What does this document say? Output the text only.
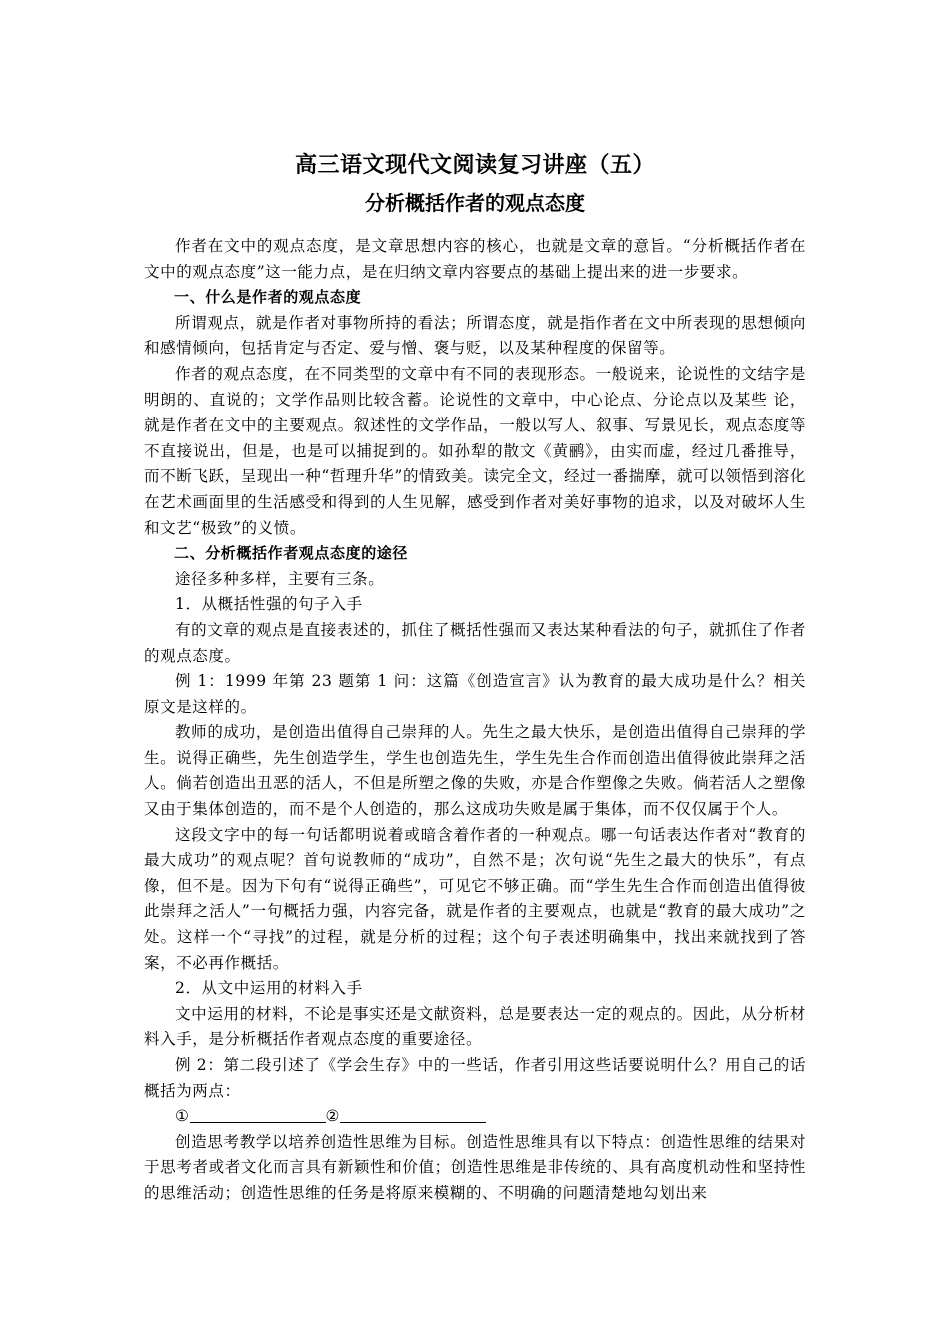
高三语文现代文阅读复习讲座（五）
分析概括作者的观点态度

作者在文中的观点态度，是文章思想内容的核心，也就是文章的意旨。“分析概括作者在文中的观点态度”这一能力点，是在归纳文章内容要点的基础上提出来的进一步要求。

一、什么是作者的观点态度

所谓观点，就是作者对事物所持的看法；所谓态度，就是指作者在文中所表现的思想倾向和感情倾向，包括肯定与否定、爱与憎、褒与贬，以及某种程度的保留等。

作者的观点态度，在不同类型的文章中有不同的表现形态。一般说来，论说性的文结字是明朗的、直说的；文学作品则比较含蓄。论说性的文章中，中心论点、分论点以及某些 论，就是作者在文中的主要观点。叙述性的文学作品，一般以写人、叙事、写景见长，观点态度等不直接说出，但是，也是可以捕捉到的。如孙犁的散文《黄鹂》，由实而虚，经过几番推导，而不断飞跃，呈现出一种“哲理升华”的情致美。读完全文，经过一番揣摩，就可以领悟到溶化在艺术画面里的生活感受和得到的人生见解，感受到作者对美好事物的追求，以及对破坏人生和文艺“极致”的义愤。

二、分析概括作者观点态度的途径

途径多种多样，主要有三条。

1．从概括性强的句子入手

有的文章的观点是直接表述的，抓住了概括性强而又表达某种看法的句子，就抓住了作者的观点态度。

例 1：1999 年第 23 题第 1 问：这篇《创造宣言》认为教育的最大成功是什么？相关原文是这样的。

教师的成功，是创造出值得自己崇拜的人。先生之最大快乐，是创造出值得自己崇拜的学生。说得正确些，先生创造学生，学生也创造先生，学生先生合作而创造出值得彼此崇拜之活人。倘若创造出丑恶的活人，不但是所塑之像的失败，亦是合作塑像之失败。倘若活人之塑像又由于集体创造的，而不是个人创造的，那么这成功失败是属于集体，而不仅仅属于个人。

这段文字中的每一句话都明说着或暗含着作者的一种观点。哪一句话表达作者对“教育的最大成功”的观点呢？首句说教师的“成功”，自然不是；次句说“先生之最大的快乐”，有点像，但不是。因为下句有“说得正确些”，可见它不够正确。而“学生先生合作而创造出值得彼此崇拜之活人”一句概括力强，内容完备，就是作者的主要观点，也就是“教育的最大成功”之处。这样一个“寻找”的过程，就是分析的过程；这个句子表述明确集中，找出来就找到了答案，不必再作概括。

2．从文中运用的材料入手

文中运用的材料，不论是事实还是文献资料，总是要表达一定的观点的。因此，从分析材料入手，是分析概括作者观点态度的重要途径。

例 2：第二段引述了《学会生存》中的一些话，作者引用这些话要说明什么？用自己的话概括为两点：

①	②

创造思考教学以培养创造性思维为目标。创造性思维具有以下特点：创造性思维的结果对于思考者或者文化而言具有新颖性和价值；创造性思维是非传统的、具有高度机动性和坚持性的思维活动；创造性思维的任务是将原来模糊的、不明确的问题清楚地勾划出来
